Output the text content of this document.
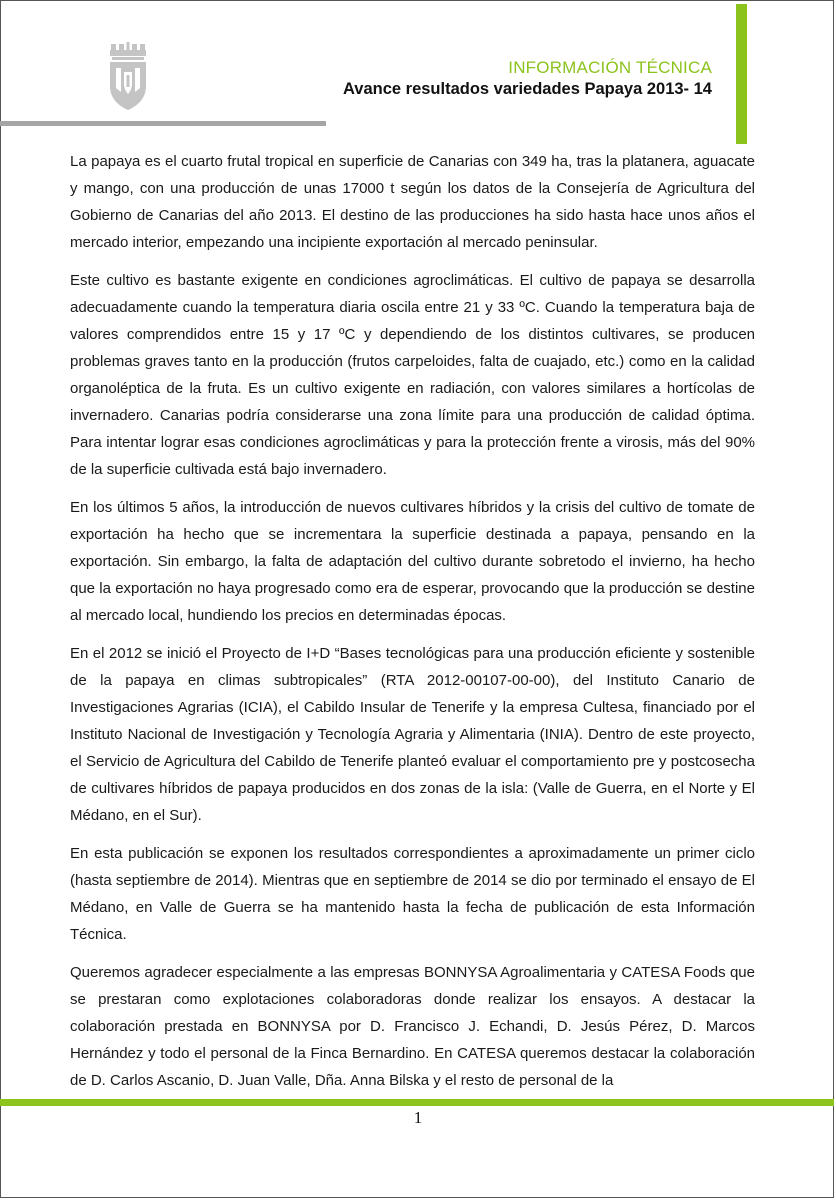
INFORMACIÓN TÉCNICA
Avance resultados variedades Papaya 2013- 14

La papaya es el cuarto frutal tropical en superficie de Canarias con 349 ha, tras la platanera, aguacate y mango, con una producción de unas 17000 t según los datos de la Consejería de Agricultura del Gobierno de Canarias del año 2013. El destino de las producciones ha sido hasta hace unos años el mercado interior, empezando una incipiente exportación al mercado peninsular.

Este cultivo es bastante exigente en condiciones agroclimáticas. El cultivo de papaya se desarrolla adecuadamente cuando la temperatura diaria oscila entre 21 y 33 ºC. Cuando la temperatura baja de valores comprendidos entre 15 y 17 ºC y dependiendo de los distintos cultivares, se producen problemas graves tanto en la producción (frutos carpeloides, falta de cuajado, etc.) como en la calidad organoléptica de la fruta. Es un cultivo exigente en radiación, con valores similares a hortícolas de invernadero. Canarias podría considerarse una zona límite para una producción de calidad óptima. Para intentar lograr esas condiciones agroclimáticas y para la protección frente a virosis, más del 90% de la superficie cultivada está bajo invernadero.

En los últimos 5 años, la introducción de nuevos cultivares híbridos y la crisis del cultivo de tomate de exportación ha hecho que se incrementara la superficie destinada a papaya, pensando en la exportación. Sin embargo, la falta de adaptación del cultivo durante sobretodo el invierno, ha hecho que la exportación no haya progresado como era de esperar, provocando que la producción se destine al mercado local, hundiendo los precios en determinadas épocas.

En el 2012 se inició el Proyecto de I+D “Bases tecnológicas para una producción eficiente y sostenible de la papaya en climas subtropicales” (RTA 2012-00107-00-00), del Instituto Canario de Investigaciones Agrarias (ICIA), el Cabildo Insular de Tenerife y la empresa Cultesa, financiado por el Instituto Nacional de Investigación y Tecnología Agraria y Alimentaria (INIA). Dentro de este proyecto, el Servicio de Agricultura del Cabildo de Tenerife planteó evaluar el comportamiento pre y postcosecha de cultivares híbridos de papaya producidos en dos zonas de la isla: (Valle de Guerra, en el Norte y El Médano, en el Sur).

En esta publicación se exponen los resultados correspondientes a aproximadamente un primer ciclo (hasta septiembre de 2014). Mientras que en septiembre de 2014 se dio por terminado el ensayo de El Médano, en Valle de Guerra se ha mantenido hasta la fecha de publicación de esta Información Técnica.

Queremos agradecer especialmente a las empresas BONNYSA Agroalimentaria y CATESA Foods que se prestaran como explotaciones colaboradoras donde realizar los ensayos. A destacar la colaboración prestada en BONNYSA por D. Francisco J. Echandi, D. Jesús Pérez, D. Marcos Hernández y todo el personal de la Finca Bernardino. En CATESA queremos destacar la colaboración de D. Carlos Ascanio, D. Juan Valle, Dña. Anna Bilska y el resto de personal de la

1
